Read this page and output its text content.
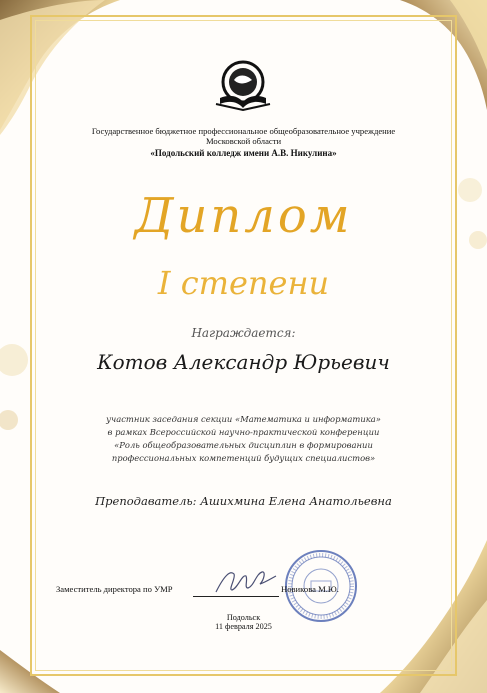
Государственное бюджетное профессиональное общеобразовательное учреждение
Московской области
«Подольский колледж имени А.В. Никулина»
Диплом
I степени
Награждается:
Котов Александр Юрьевич
участник заседания секции «Математика и информатика»
в рамках Всероссийской научно-практической конференции
«Роль общеобразовательных дисциплин в формировании
профессиональных компетенций будущих специалистов»
Преподаватель: Ашихмина Елена Анатольевна
Заместитель директора по УМР	Новикова М.Ю.
Подольск
11 февраля 2025
